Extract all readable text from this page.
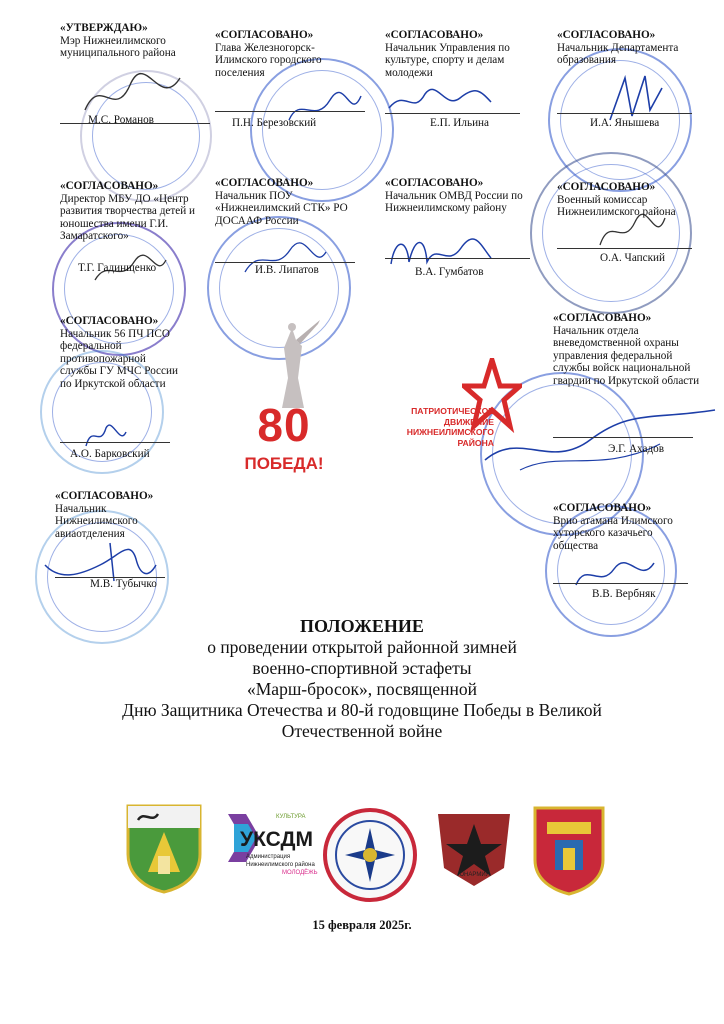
«УТВЕРЖДАЮ»
Мэр Нижнеилимского муниципального района
М.С. Романов
«СОГЛАСОВАНО»
Глава Железногорск-Илимского городского поселения
П.Н. Березовский
«СОГЛАСОВАНО»
Начальник Управления по культуре, спорту и делам молодежи
Е.П. Ильина
«СОГЛАСОВАНО»
Начальник Департамента образования
И.А. Янышева
«СОГЛАСОВАНО»
Директор МБУ ДО «Центр развития творчества детей и юношества имени Г.И. Замаратского»
Т.Г. Гадинщенко
«СОГЛАСОВАНО»
Начальник ПОУ «Нижнеилимский СТК» РО ДОСААФ России
И.В. Липатов
«СОГЛАСОВАНО»
Начальник ОМВД России по Нижнеилимскому району
В.А. Гумбатов
«СОГЛАСОВАНО»
Военный комиссар Нижнеилимского района
О.А. Чапский
«СОГЛАСОВАНО»
Начальник 56 ПЧ ПСО федеральной противопожарной службы ГУ МЧС России по Иркутской области
А.О. Барковский
«СОГЛАСОВАНО»
Начальник отдела вневедомственной охраны управления федеральной службы войск национальной гвардии по Иркутской области
Э.Г. Ахадов
«СОГЛАСОВАНО»
Начальник Нижнеилимского авиаотделения
М.В. Тубычко
«СОГЛАСОВАНО»
Врио атамана Илимского хуторского казачьего общества
В.В. Вербняк
80
ПОБЕДА!
ПАТРИОТИЧЕСКОЕ
ДВИЖЕНИЕ
НИЖНЕИЛИМСКОГО
РАЙОНА
ПОЛОЖЕНИЕ
о проведении открытой районной зимней
военно-спортивной эстафеты
«Марш-бросок», посвященной
Дню Защитника Отечества и 80-й годовщине Победы в Великой
Отечественной войне
КУЛЬТУРА
УКСДМ
Администрация
Нижнеилимского района
МОЛОДЁЖЬ	ЮНАРМИЯ
15 февраля 2025г.
